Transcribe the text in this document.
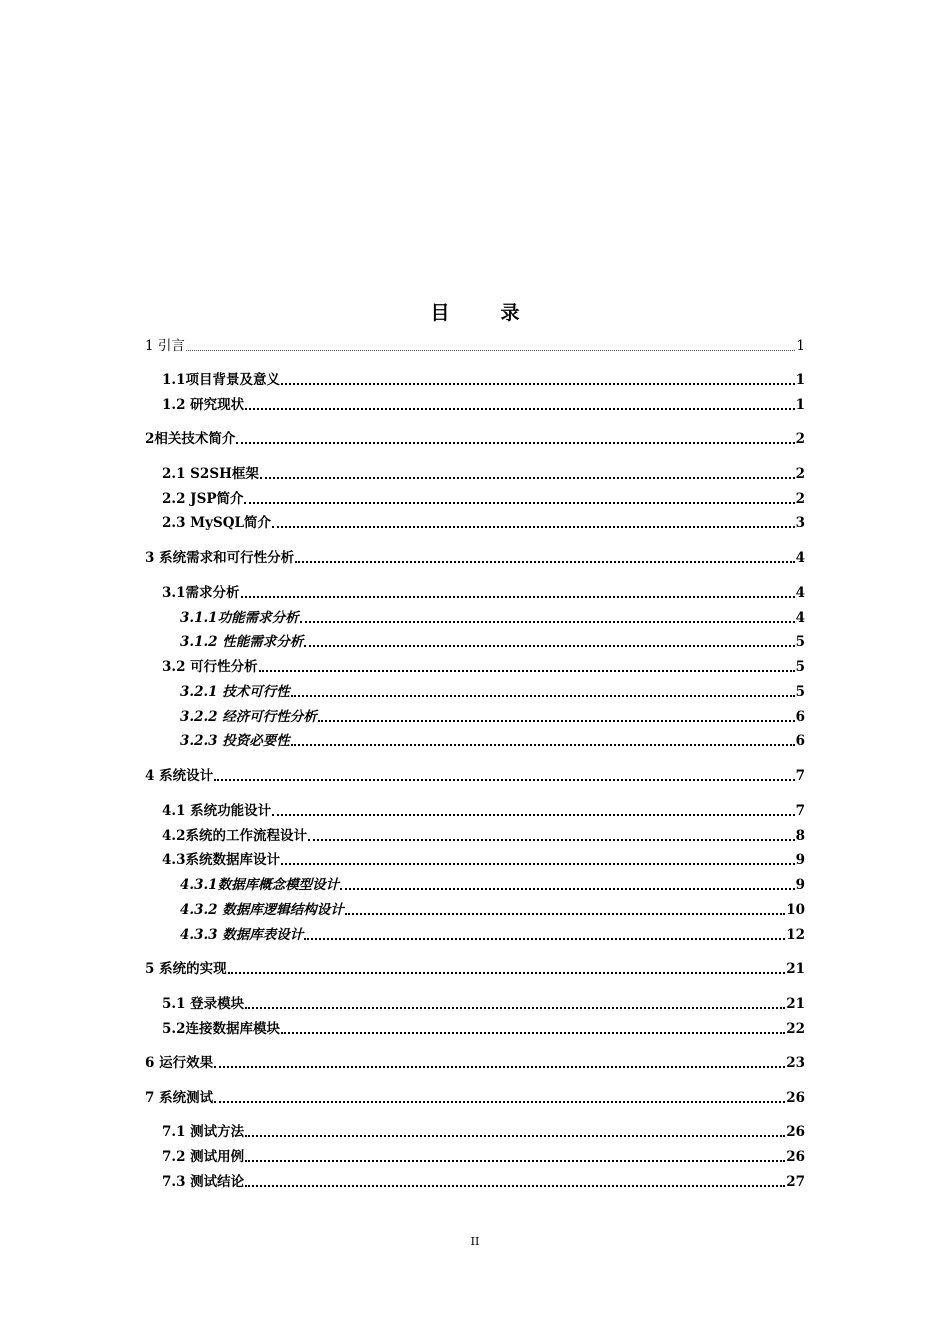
目　录
1 引言	1
1.1项目背景及意义	1
1.2 研究现状	1
2相关技术简介	2
2.1 S2SH框架	2
2.2 JSP简介	2
2.3 MySQL简介	3
3 系统需求和可行性分析	4
3.1需求分析	4
3.1.1功能需求分析	4
3.1.2 性能需求分析	5
3.2 可行性分析	5
3.2.1 技术可行性	5
3.2.2 经济可行性分析	6
3.2.3 投资必要性	6
4 系统设计	7
4.1 系统功能设计	7
4.2系统的工作流程设计	8
4.3系统数据库设计	9
4.3.1数据库概念模型设计	9
4.3.2 数据库逻辑结构设计	10
4.3.3 数据库表设计	12
5 系统的实现	21
5.1 登录模块	21
5.2连接数据库模块	22
6 运行效果	23
7 系统测试	26
7.1 测试方法	26
7.2 测试用例	26
7.3 测试结论	27
II
